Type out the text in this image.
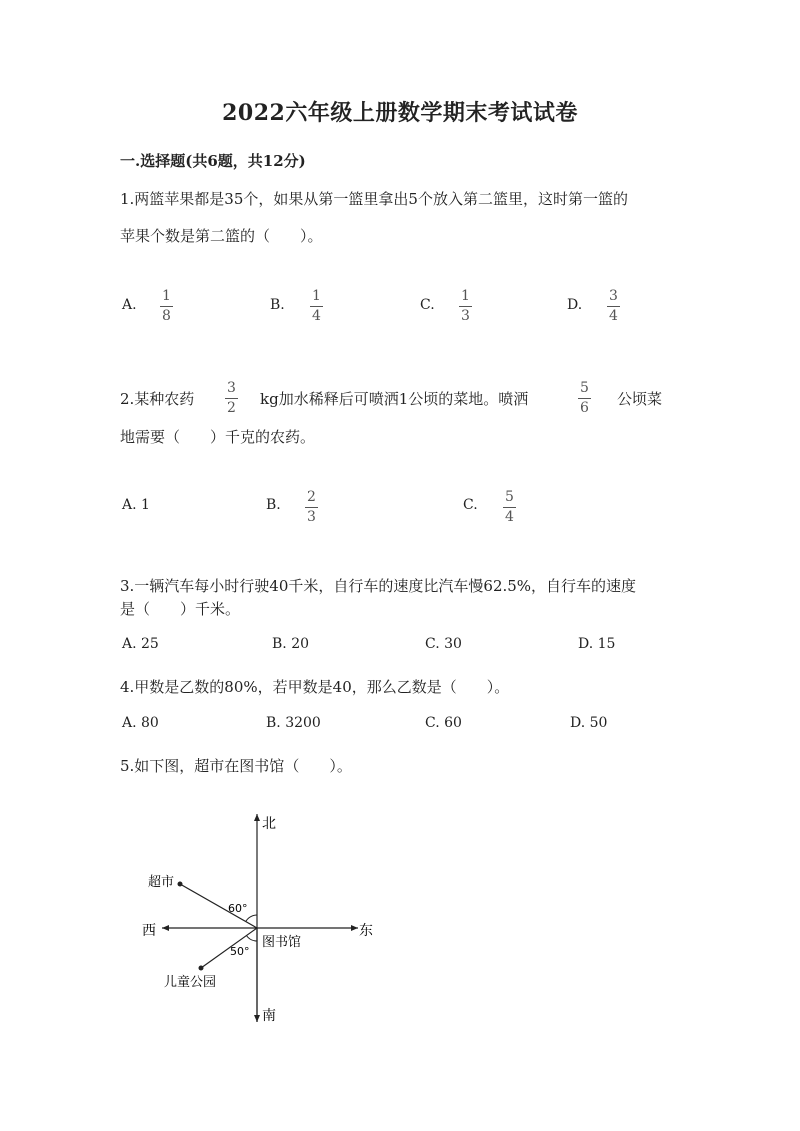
2022六年级上册数学期末考试试卷
一.选择题(共6题，共12分)
1.两篮苹果都是35个，如果从第一篮里拿出5个放入第二篮里，这时第一篮的
苹果个数是第二篮的（　　）。
A.
1
8
B.
1
4
C.
1
3
D.
3
4
2.某种农药
3
2 kg加水稀释后可喷洒1公顷的菜地。喷洒
5
6 公顷菜
地需要（　　）千克的农药。
A. 1	B. 2
3
C. 5
4
3.一辆汽车每小时行驶40千米，自行车的速度比汽车慢62.5%，自行车的速度
是（　　）千米。
A. 25	B. 20	C. 30	D. 15
4.甲数是乙数的80%，若甲数是40，那么乙数是（　　）。
A. 80	B. 3200	C. 60	D. 50
5.如下图，超市在图书馆（　　）。
北
南
东
西
图书馆
超市
儿童公园
60°
50°
